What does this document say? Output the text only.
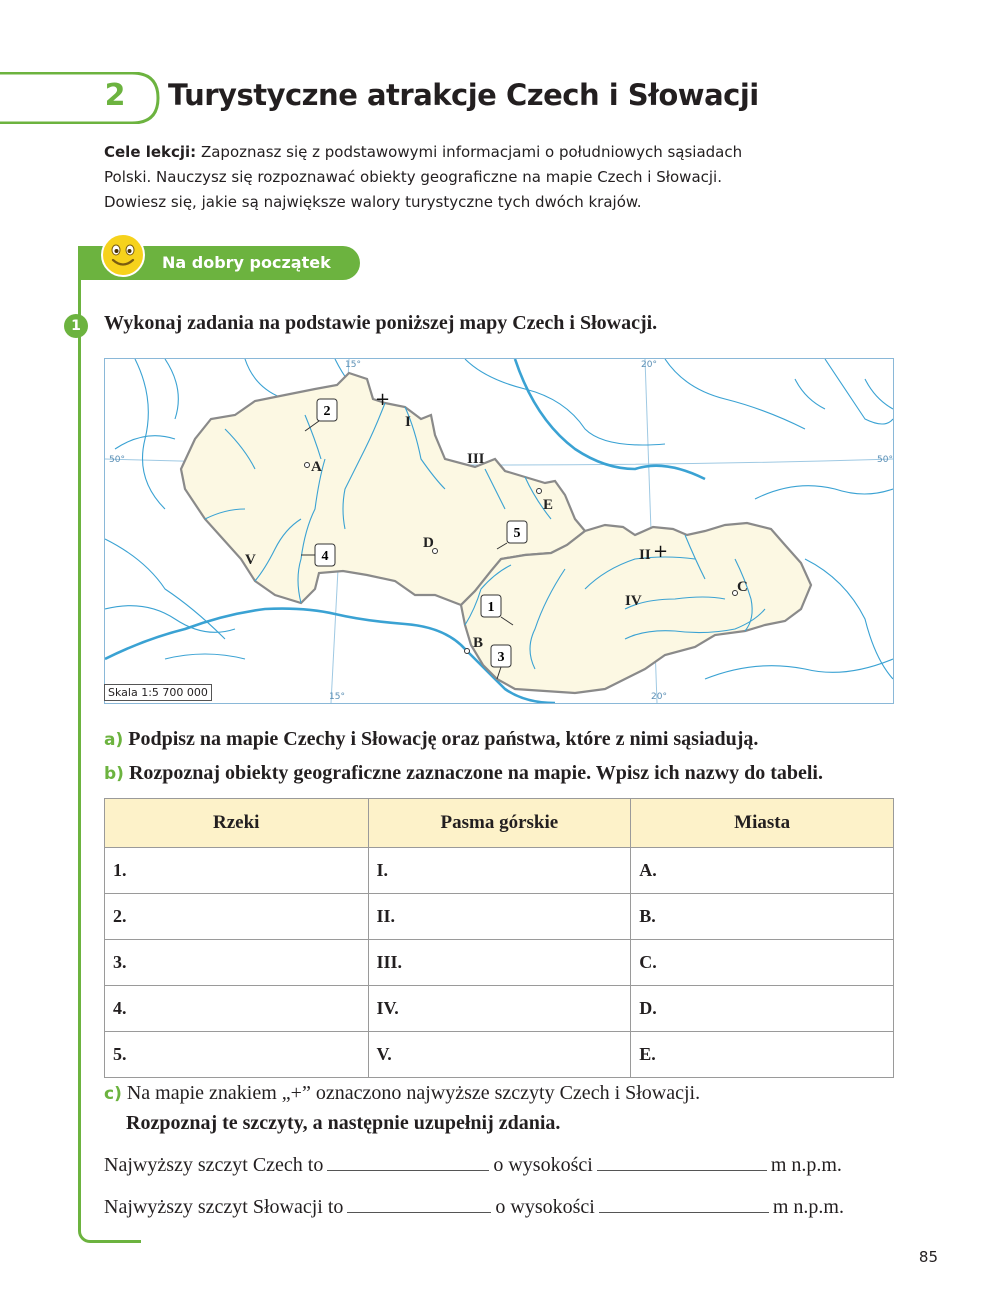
2 Turystyczne atrakcje Czech i Słowacji
Cele lekcji: Zapoznasz się z podstawowymi informacjami o południowych sąsiadach Polski. Nauczysz się rozpoznawać obiekty geograficzne na mapie Czech i Słowacji. Dowiesz się, jakie są największe walory turystyczne tych dwóch krajów.
Na dobry początek
1	Wykonaj zadania na podstawie poniższej mapy Czech i Słowacji.
15°	20°
15°	20°
50°	50°
2
5
4
1
3
I
II
III
IV
V
+
+
A
B
C
D
E
Skala 1:5 700 000
a) Podpisz na mapie Czechy i Słowację oraz państwa, które z nimi sąsiadują.
b) Rozpoznaj obiekty geograficzne zaznaczone na mapie. Wpisz ich nazwy do tabeli.
Rzeki	Pasma górskie	Miasta
1.	I.	A.
2.	II.	B.
3.	III.	C.
4.	IV.	D.
5.	V.	E.
c) Na mapie znakiem „+” oznaczono najwyższe szczyty Czech i Słowacji.
Rozpoznaj te szczyty, a następnie uzupełnij zdania.
Najwyższy szczyt Czech to	o wysokości	m n.p.m.
Najwyższy szczyt Słowacji to	o wysokości	m n.p.m.
85
